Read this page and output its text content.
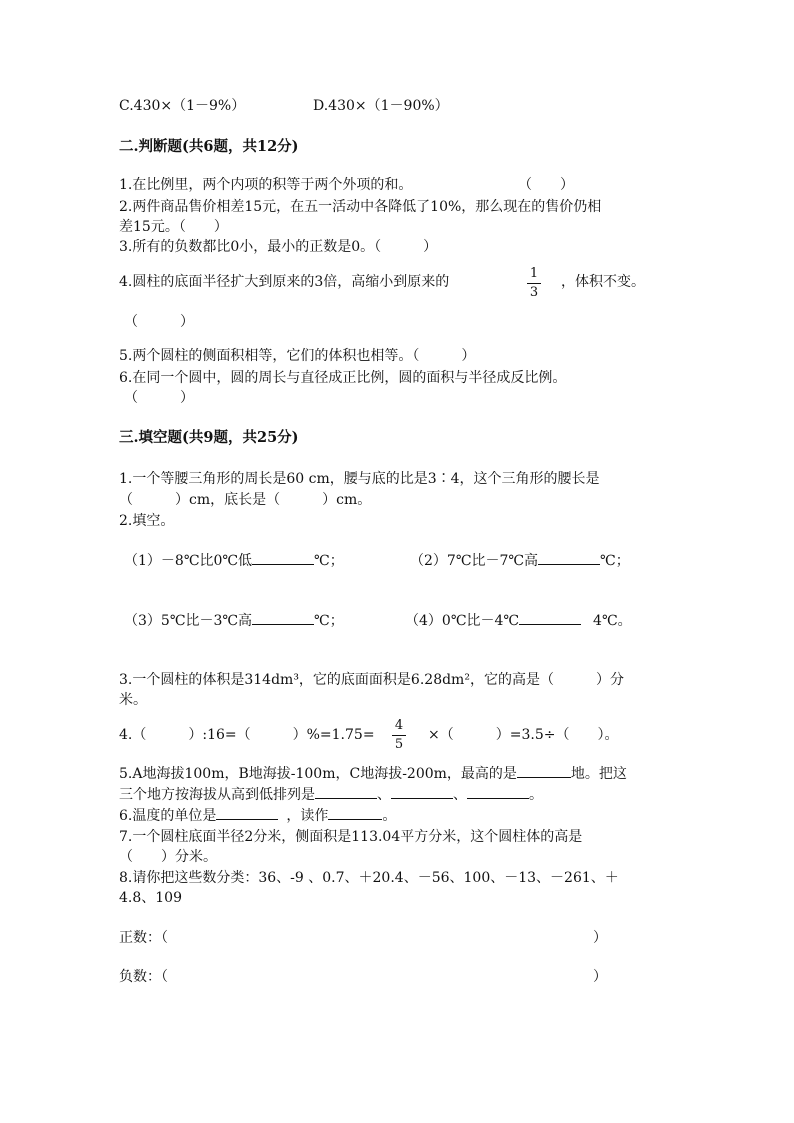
C.430×（1－9%）	D.430×（1－90%）
二.判断题(共6题，共12分)
1.在比例里，两个内项的积等于两个外项的和。	（　　）
2.两件商品售价相差15元，在五一活动中各降低了10%，那么现在的售价仍相
差15元。（　　）
3.所有的负数都比0小，最小的正数是0。（　　　）
4.圆柱的底面半径扩大到原来的3倍，高缩小到原来的
1
3
，体积不变。
（　　　）
5.两个圆柱的侧面积相等，它们的体积也相等。（　　　）
6.在同一个圆中，圆的周长与直径成正比例，圆的面积与半径成反比例。
（　　　）
三.填空题(共9题，共25分)
1.一个等腰三角形的周长是60 cm，腰与底的比是3∶4，这个三角形的腰长是
（　　　）cm，底长是（　　　）cm。
2.填空。
（1）－8℃比0℃低	℃；	（2）7℃比－7℃高	℃；
（3）5℃比－3℃高	℃；	（4）0℃比－4℃	4℃。
3.一个圆柱的体积是314dm³，它的底面面积是6.28dm²，它的高是（　　　）分
米。
4.（　　　）:16=（　　　）%=1.75=
4
5
×（　　　）=3.5÷（　　）。
5.A地海拔100m，B地海拔-100m，C地海拔-200m，最高的是	地。把这
三个地方按海拔从高到低排列是	、	、	。
6.温度的单位是	，读作	。
7.一个圆柱底面半径2分米，侧面积是113.04平方分米，这个圆柱体的高是
（　　）分米。
8.请你把这些数分类：36、-9 、0.7、＋20.4、－56、100、－13、－261、＋
4.8、109
正数：（	）
负数：（	）
